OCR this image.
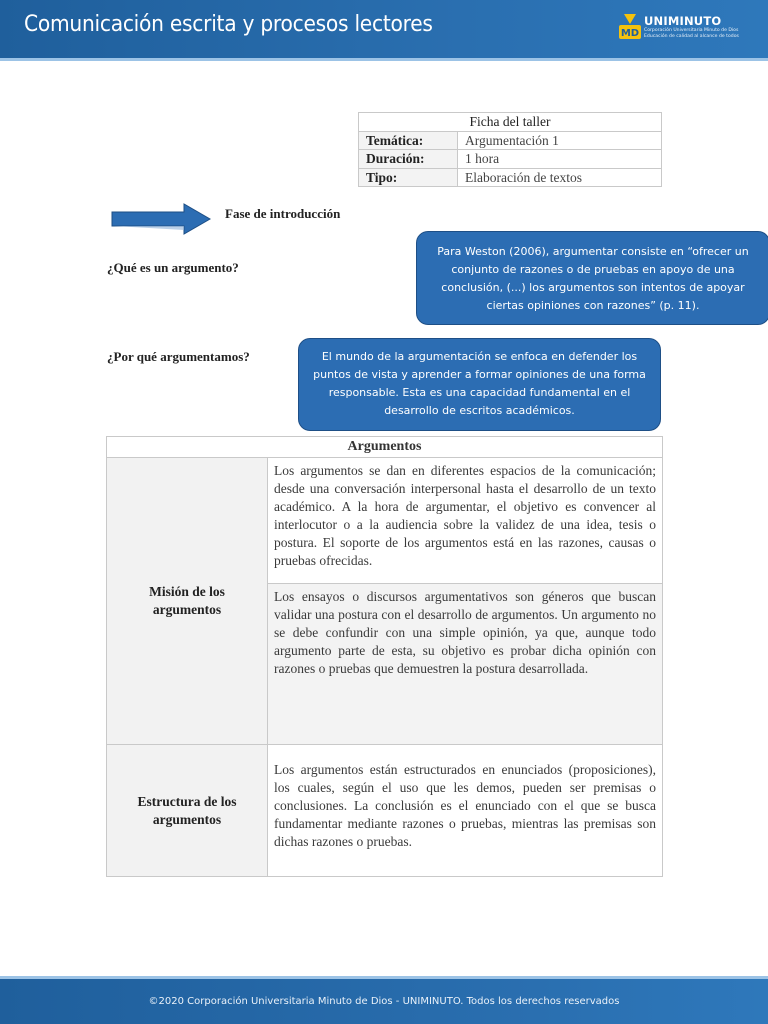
Comunicación escrita y procesos lectores	MD
UNIMINUTO
Corporación Universitaria Minuto de Dios
Educación de calidad al alcance de todos
Ficha del taller	
Temática:	Argumentación 1
Duración:	1 hora
Tipo:	Elaboración de textos
Fase de introducción
¿Qué es un argumento?
¿Por qué argumentamos?
Para Weston (2006), argumentar consiste en “ofrecer un conjunto de razones o de pruebas en apoyo de una conclusión, (...) los argumentos son intentos de apoyar ciertas opiniones con razones” (p. 11).
El mundo de la argumentación se enfoca en defender los puntos de vista y aprender a formar opiniones de una forma responsable. Esta es una capacidad fundamental en el desarrollo de escritos académicos.
Argumentos
Misión de los argumentos
Los argumentos se dan en diferentes espacios de la comunicación; desde una conversación interpersonal hasta el desarrollo de un texto académico. A la hora de argumentar, el objetivo es convencer al interlocutor o a la audiencia sobre la validez de una idea, tesis o postura. El soporte de los argumentos está en las razones, causas o pruebas ofrecidas.
Los ensayos o discursos argumentativos son géneros que buscan validar una postura con el desarrollo de argumentos. Un argumento no se debe confundir con una simple opinión, ya que, aunque todo argumento parte de esta, su objetivo es probar dicha opinión con razones o pruebas que demuestren la postura desarrollada.
Estructura de los argumentos
Los argumentos están estructurados en enunciados (proposiciones), los cuales, según el uso que les demos, pueden ser premisas o conclusiones. La conclusión es el enunciado con el que se busca fundamentar mediante razones o pruebas, mientras las premisas son dichas razones o pruebas.
©2020 Corporación Universitaria Minuto de Dios - UNIMINUTO. Todos los derechos reservados
